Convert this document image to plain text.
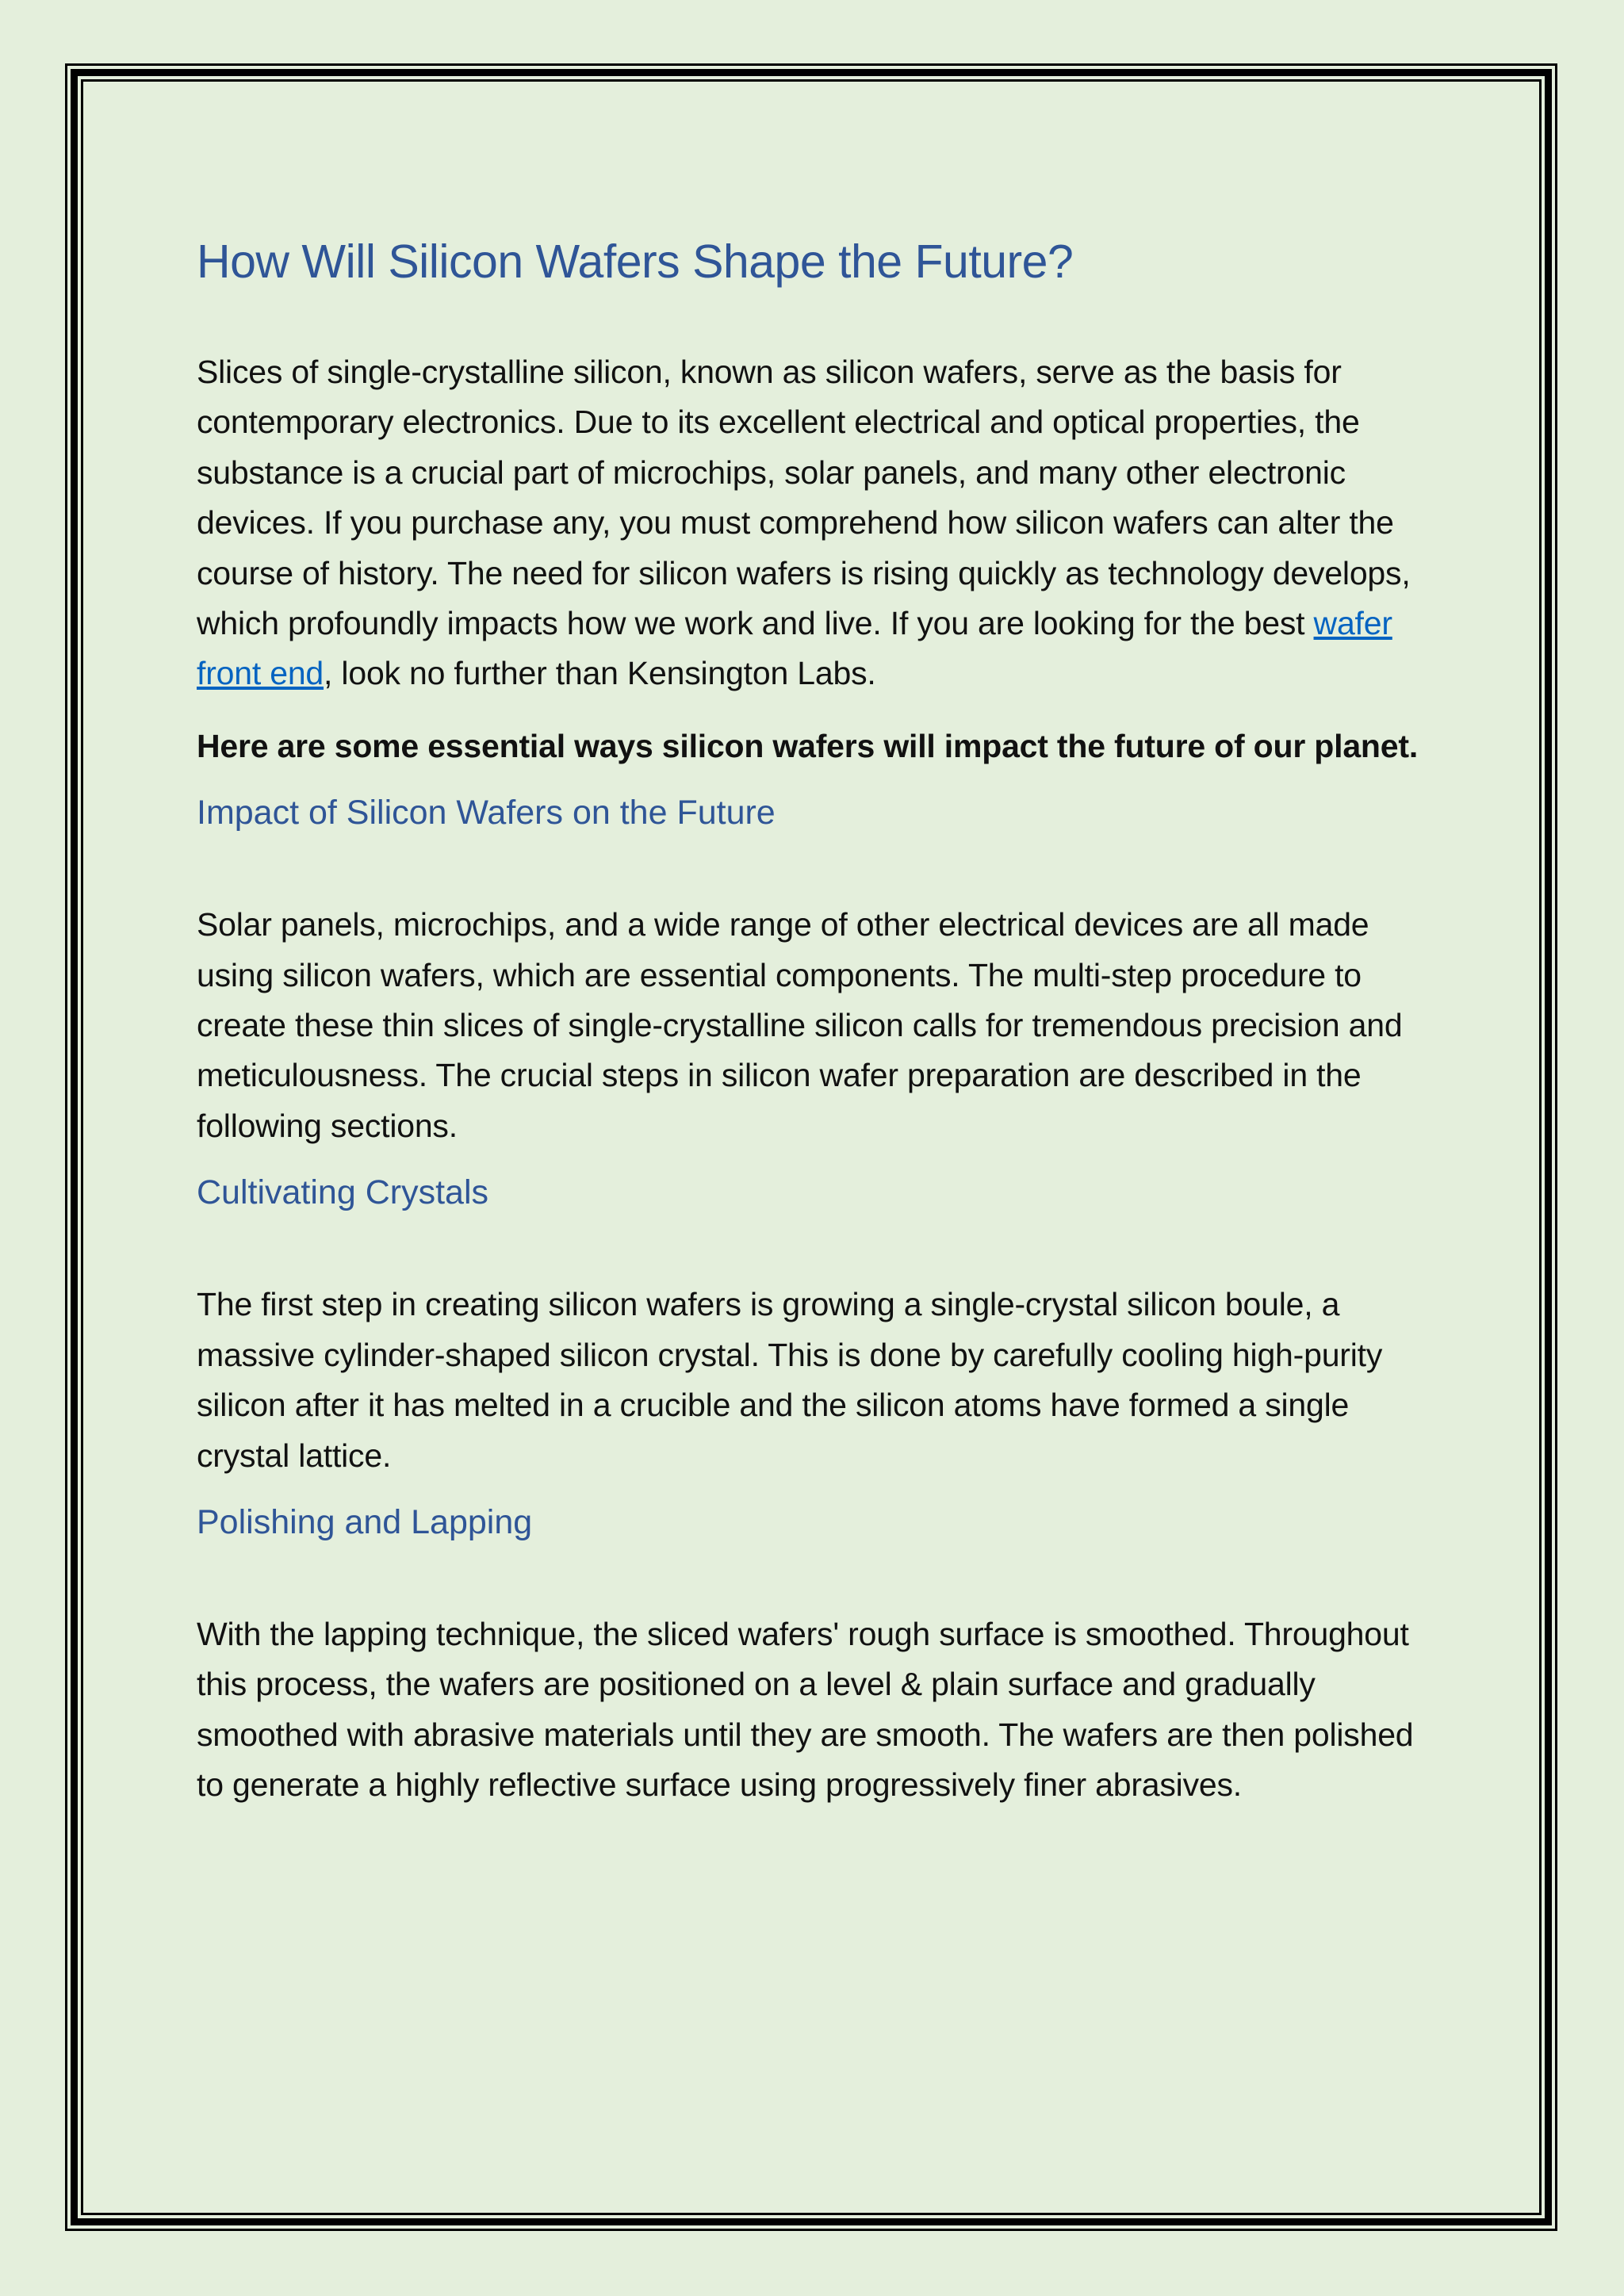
How Will Silicon Wafers Shape the Future?

Slices of single-crystalline silicon, known as silicon wafers, serve as the basis for contemporary electronics. Due to its excellent electrical and optical properties, the substance is a crucial part of microchips, solar panels, and many other electronic devices. If you purchase any, you must comprehend how silicon wafers can alter the course of history. The need for silicon wafers is rising quickly as technology develops, which profoundly impacts how we work and live. If you are looking for the best wafer front end, look no further than Kensington Labs.

Here are some essential ways silicon wafers will impact the future of our planet.

Impact of Silicon Wafers on the Future

Solar panels, microchips, and a wide range of other electrical devices are all made using silicon wafers, which are essential components. The multi-step procedure to create these thin slices of single-crystalline silicon calls for tremendous precision and meticulousness. The crucial steps in silicon wafer preparation are described in the following sections.

Cultivating Crystals

The first step in creating silicon wafers is growing a single-crystal silicon boule, a massive cylinder-shaped silicon crystal. This is done by carefully cooling high-purity silicon after it has melted in a crucible and the silicon atoms have formed a single crystal lattice.

Polishing and Lapping

With the lapping technique, the sliced wafers' rough surface is smoothed. Throughout this process, the wafers are positioned on a level & plain surface and gradually smoothed with abrasive materials until they are smooth. The wafers are then polished to generate a highly reflective surface using progressively finer abrasives.
